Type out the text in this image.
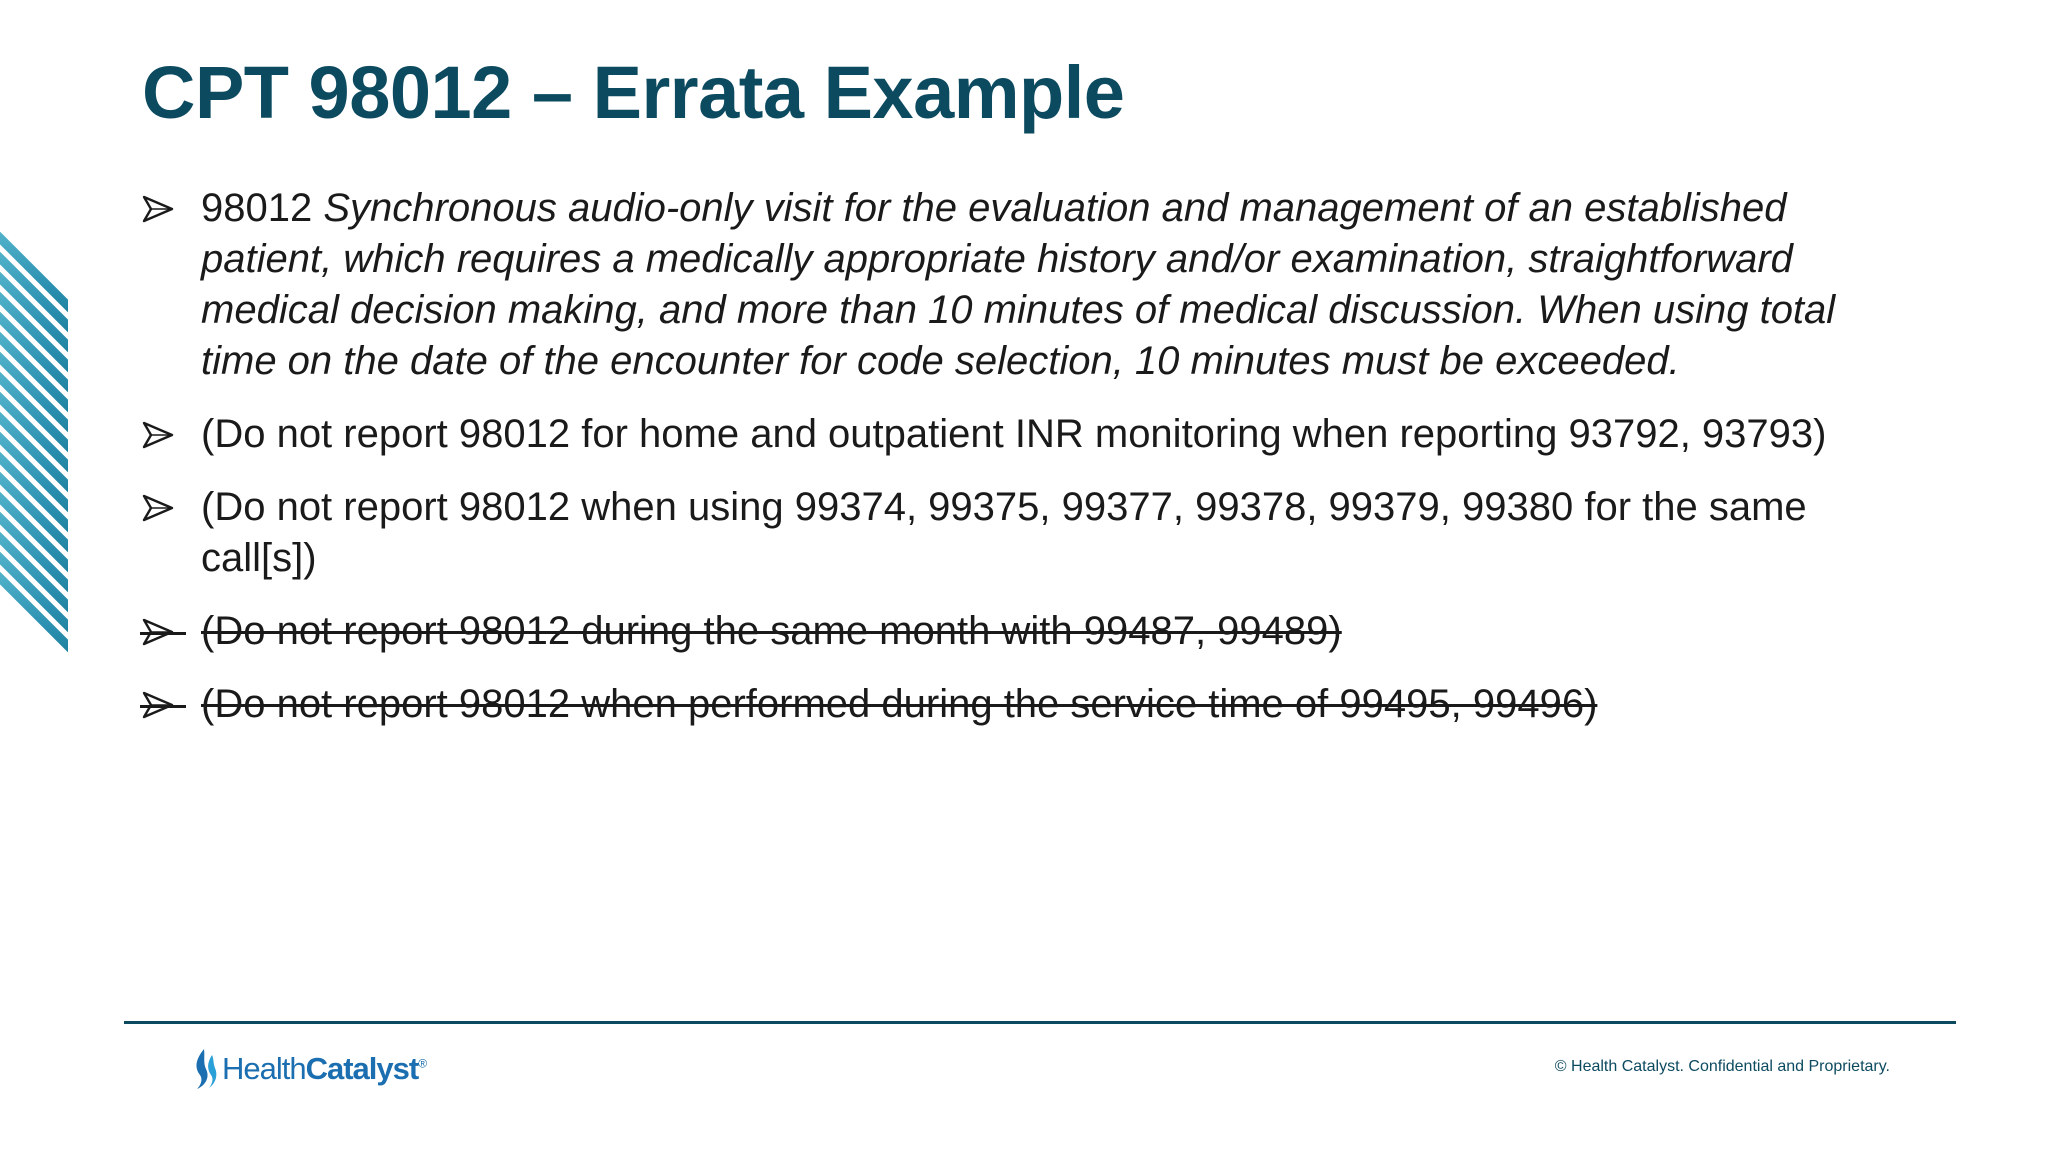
CPT 98012 – Errata Example
98012 Synchronous audio-only visit for the evaluation and management of an established patient, which requires a medically appropriate history and/or examination, straightforward medical decision making, and more than 10 minutes of medical discussion. When using total time on the date of the encounter for code selection, 10 minutes must be exceeded.
(Do not report 98012 for home and outpatient INR monitoring when reporting 93792, 93793)
(Do not report 98012 when using 99374, 99375, 99377, 99378, 99379, 99380 for the same call[s])
(Do not report 98012 during the same month with 99487, 99489)
(Do not report 98012 when performed during the service time of 99495, 99496)
HealthCatalyst®	© Health Catalyst. Confidential and Proprietary.
